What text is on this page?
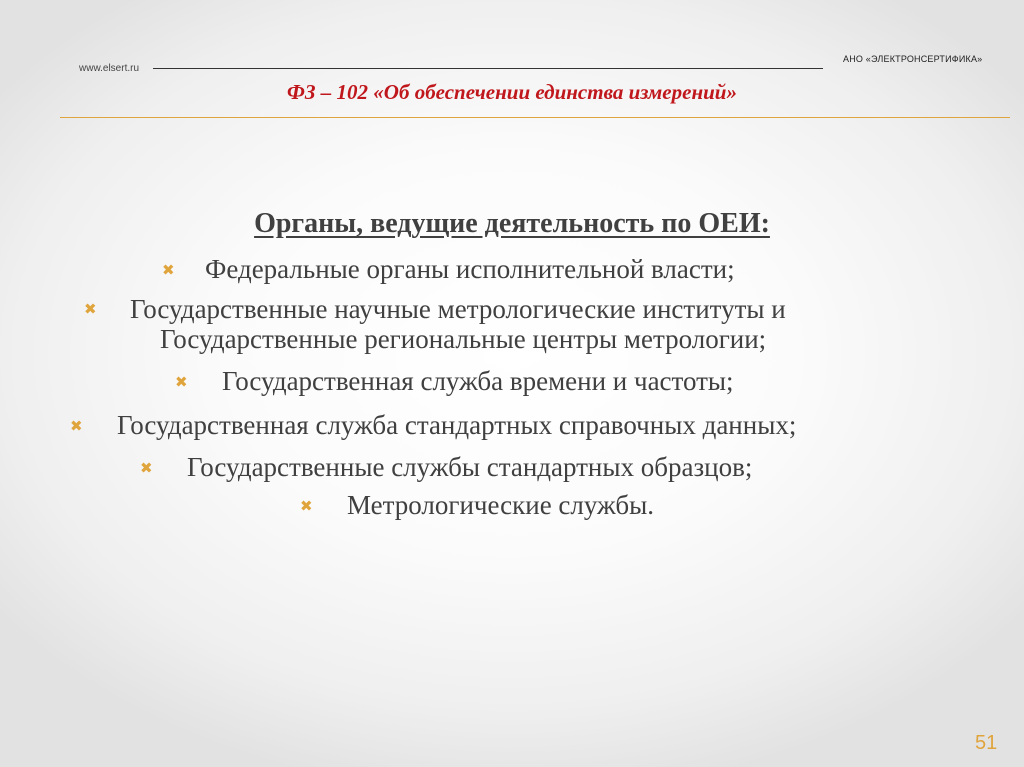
www.elsert.ru
АНО «ЭЛЕКТРОНСЕРТИФИКА»
ФЗ – 102 «Об обеспечении единства измерений»
Органы, ведущие деятельность по ОЕИ:
✖ Федеральные органы исполнительной власти;
✖ Государственные научные метрологические институты и
Государственные региональные центры метрологии;
✖ Государственная служба времени и частоты;
✖ Государственная служба стандартных справочных данных;
✖ Государственные службы стандартных образцов;
✖ Метрологические службы.
51
